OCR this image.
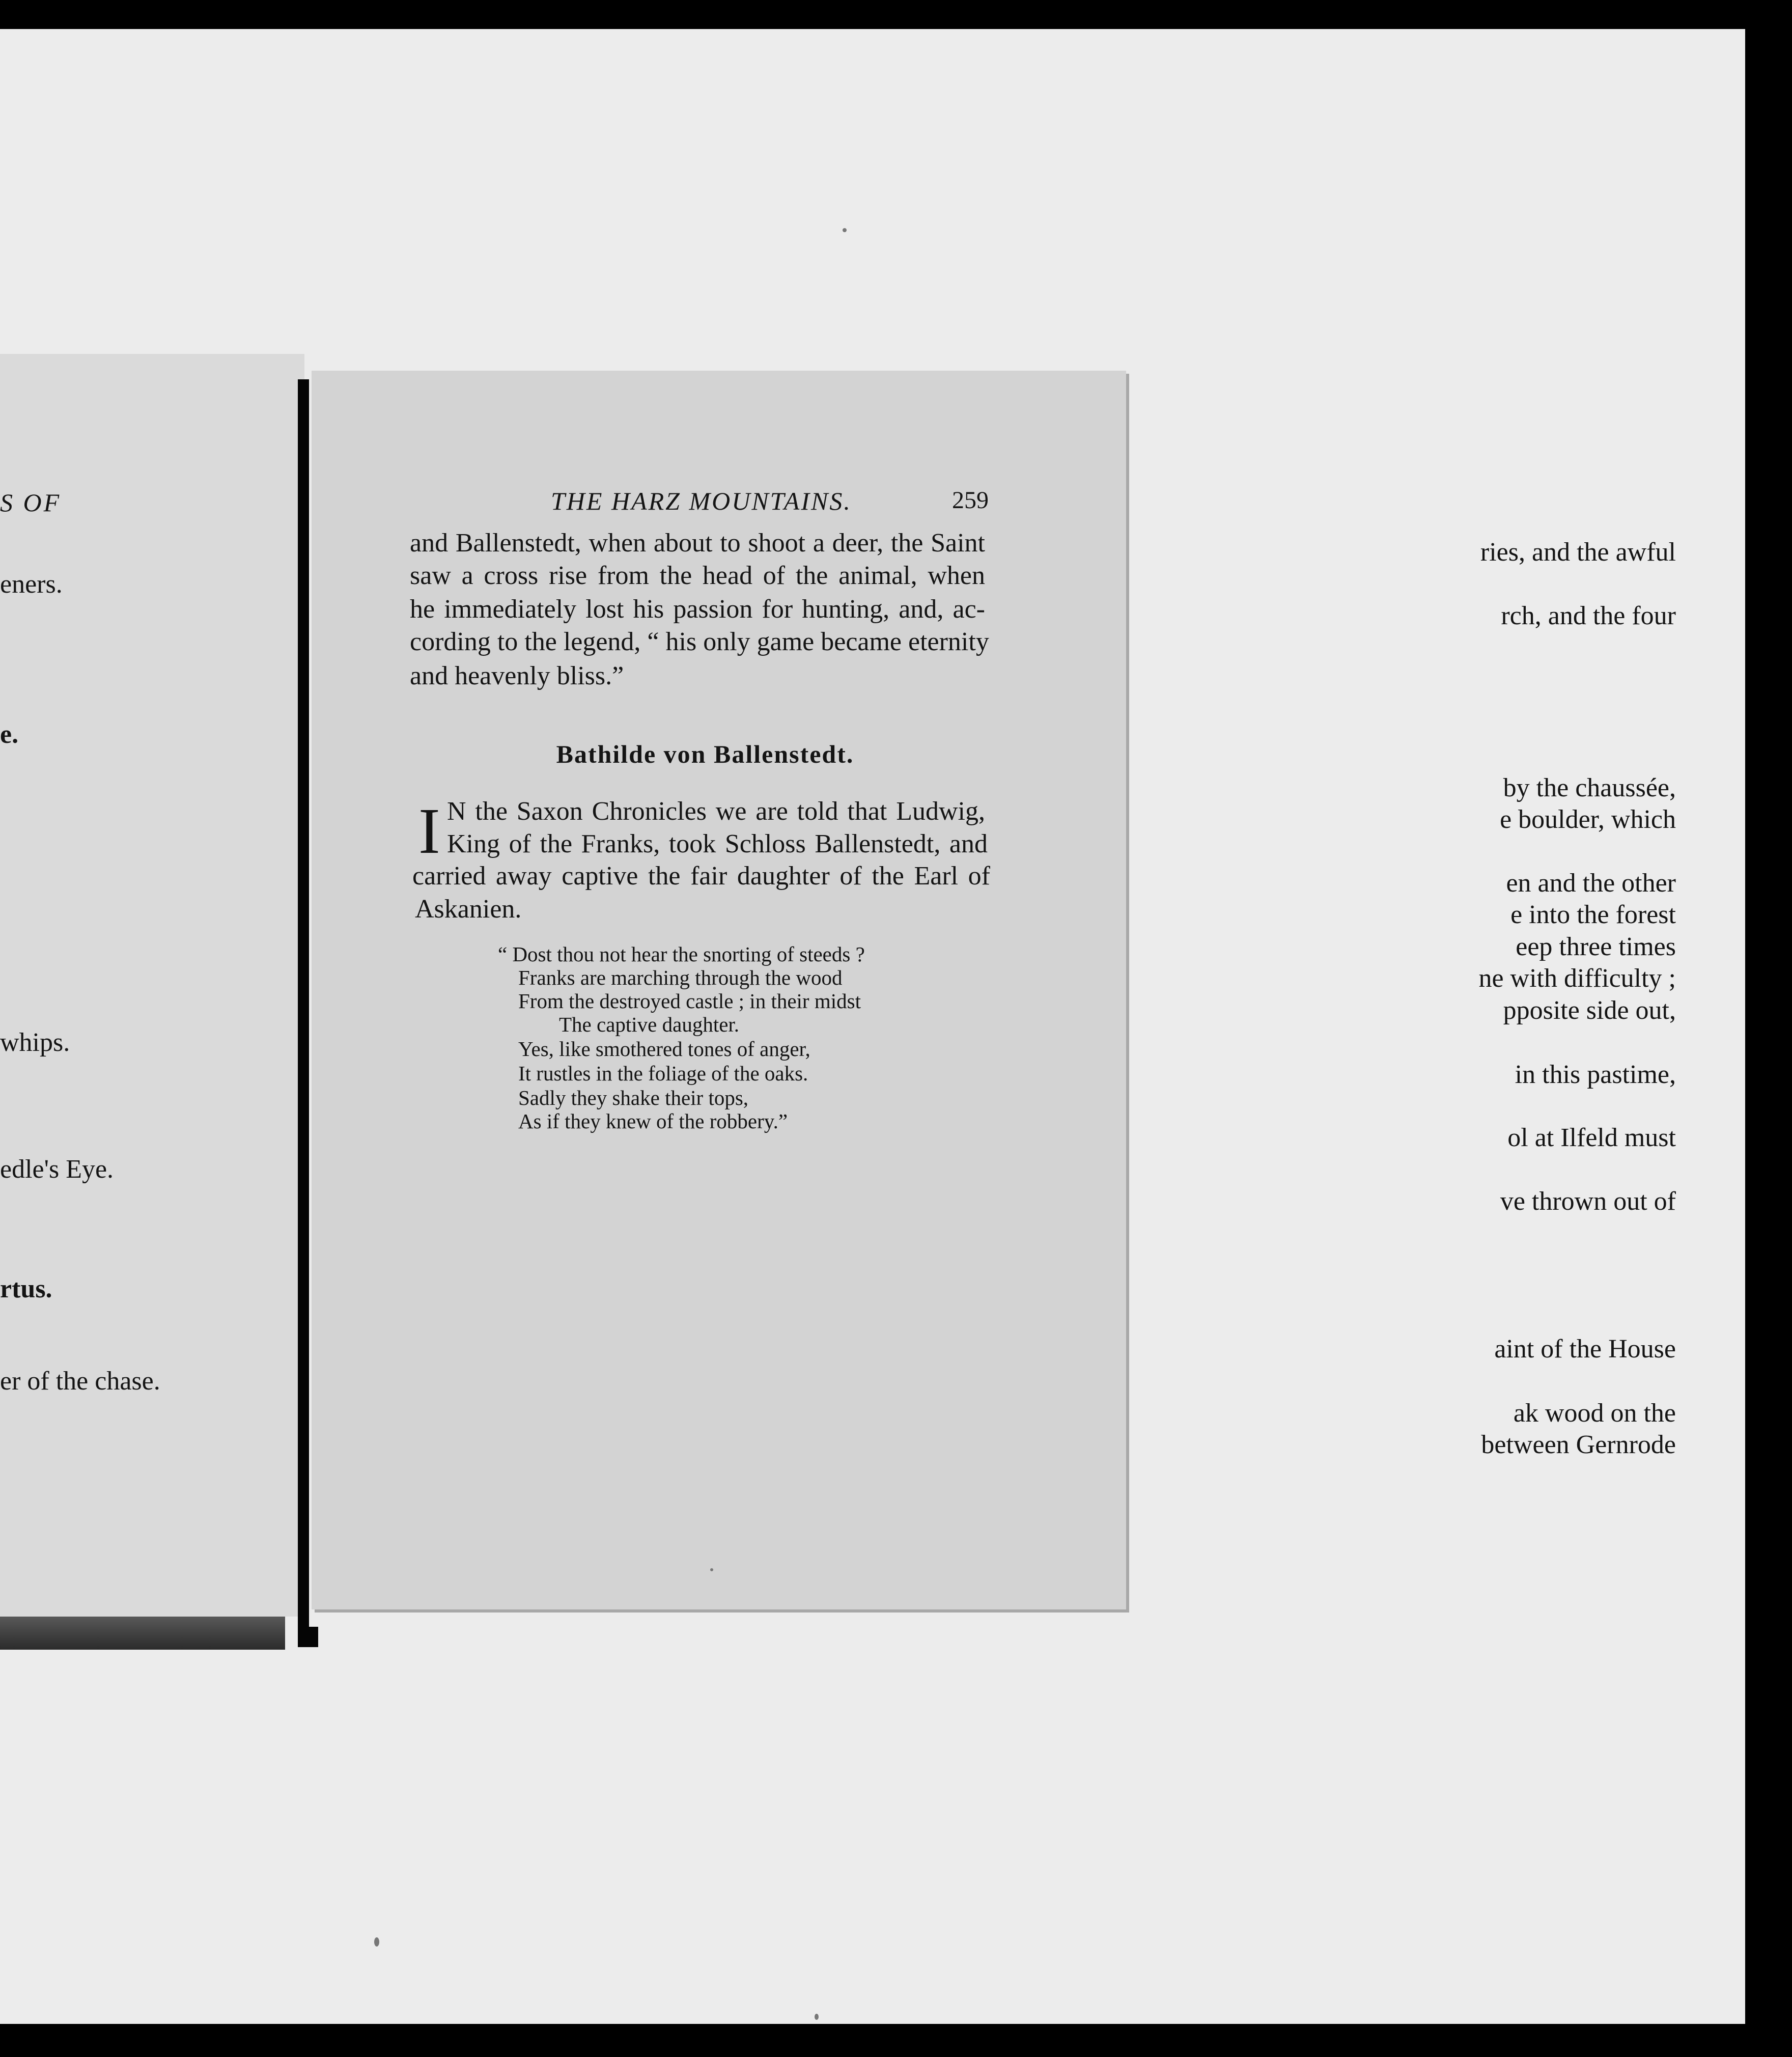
S OF
ries, and the awful
eners.
rch, and the four
e.
by the chaussée,
e boulder, which
en and the other
e into the forest
eep three times
ne with difficulty ;
pposite side out,
whips.
in this pastime,
ol at Ilfeld must
edle's Eye.
ve thrown out of
rtus.
aint of the House
er of the chase.
ak wood on the
between Gernrode
THE HARZ MOUNTAINS.	259
and Ballenstedt, when about to shoot a deer, the Saint
saw a cross rise from the head of the animal, when
he immediately lost his passion for hunting, and, ac-
cording to the legend, “ his only game became eternity
and heavenly bliss.”
Bathilde von Ballenstedt.
I N the Saxon Chronicles we are told that Ludwig,
King of the Franks, took Schloss Ballenstedt, and
carried away captive the fair daughter of the Earl of
Askanien.
“ Dost thou not hear the snorting of steeds ?
Franks are marching through the wood
From the destroyed castle ; in their midst
The captive daughter.
Yes, like smothered tones of anger,
It rustles in the foliage of the oaks.
Sadly they shake their tops,
As if they knew of the robbery.”
